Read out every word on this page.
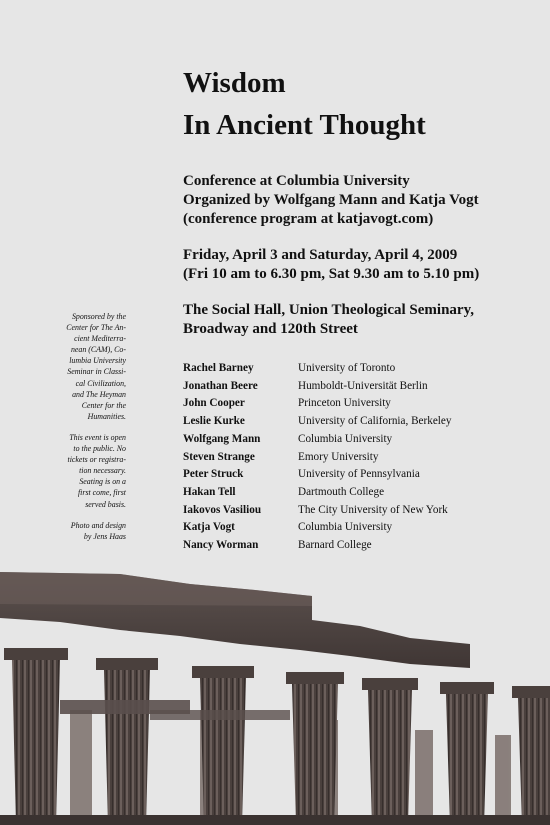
Wisdom
In Ancient Thought
Conference at Columbia University
Organized by Wolfgang Mann and Katja Vogt
(conference program at katjavogt.com)
Friday, April 3 and Saturday, April 4, 2009
(Fri 10 am to 6.30 pm, Sat 9.30 am to 5.10 pm)
The Social Hall, Union Theological Seminary,
Broadway and 120th Street
Rachel Barney	University of Toronto
Jonathan Beere	Humboldt-Universität Berlin
John Cooper	Princeton University
Leslie Kurke	University of California, Berkeley
Wolfgang Mann	Columbia University
Steven Strange	Emory University
Peter Struck	University of Pennsylvania
Hakan Tell	Dartmouth College
Iakovos Vasiliou	The City University of New York
Katja Vogt	Columbia University
Nancy Worman	Barnard College

Sponsored by the
Center for The An-
cient Mediterra-
nean (CAM), Co-
lumbia University
Seminar in Classi-
cal Civilization,
and The Heyman
Center for the
Humanities.

This event is open
to the public. No
tickets or registra-
tion necessary.
Seating is on a
first come, first
served basis.

Photo and design
by Jens Haas
